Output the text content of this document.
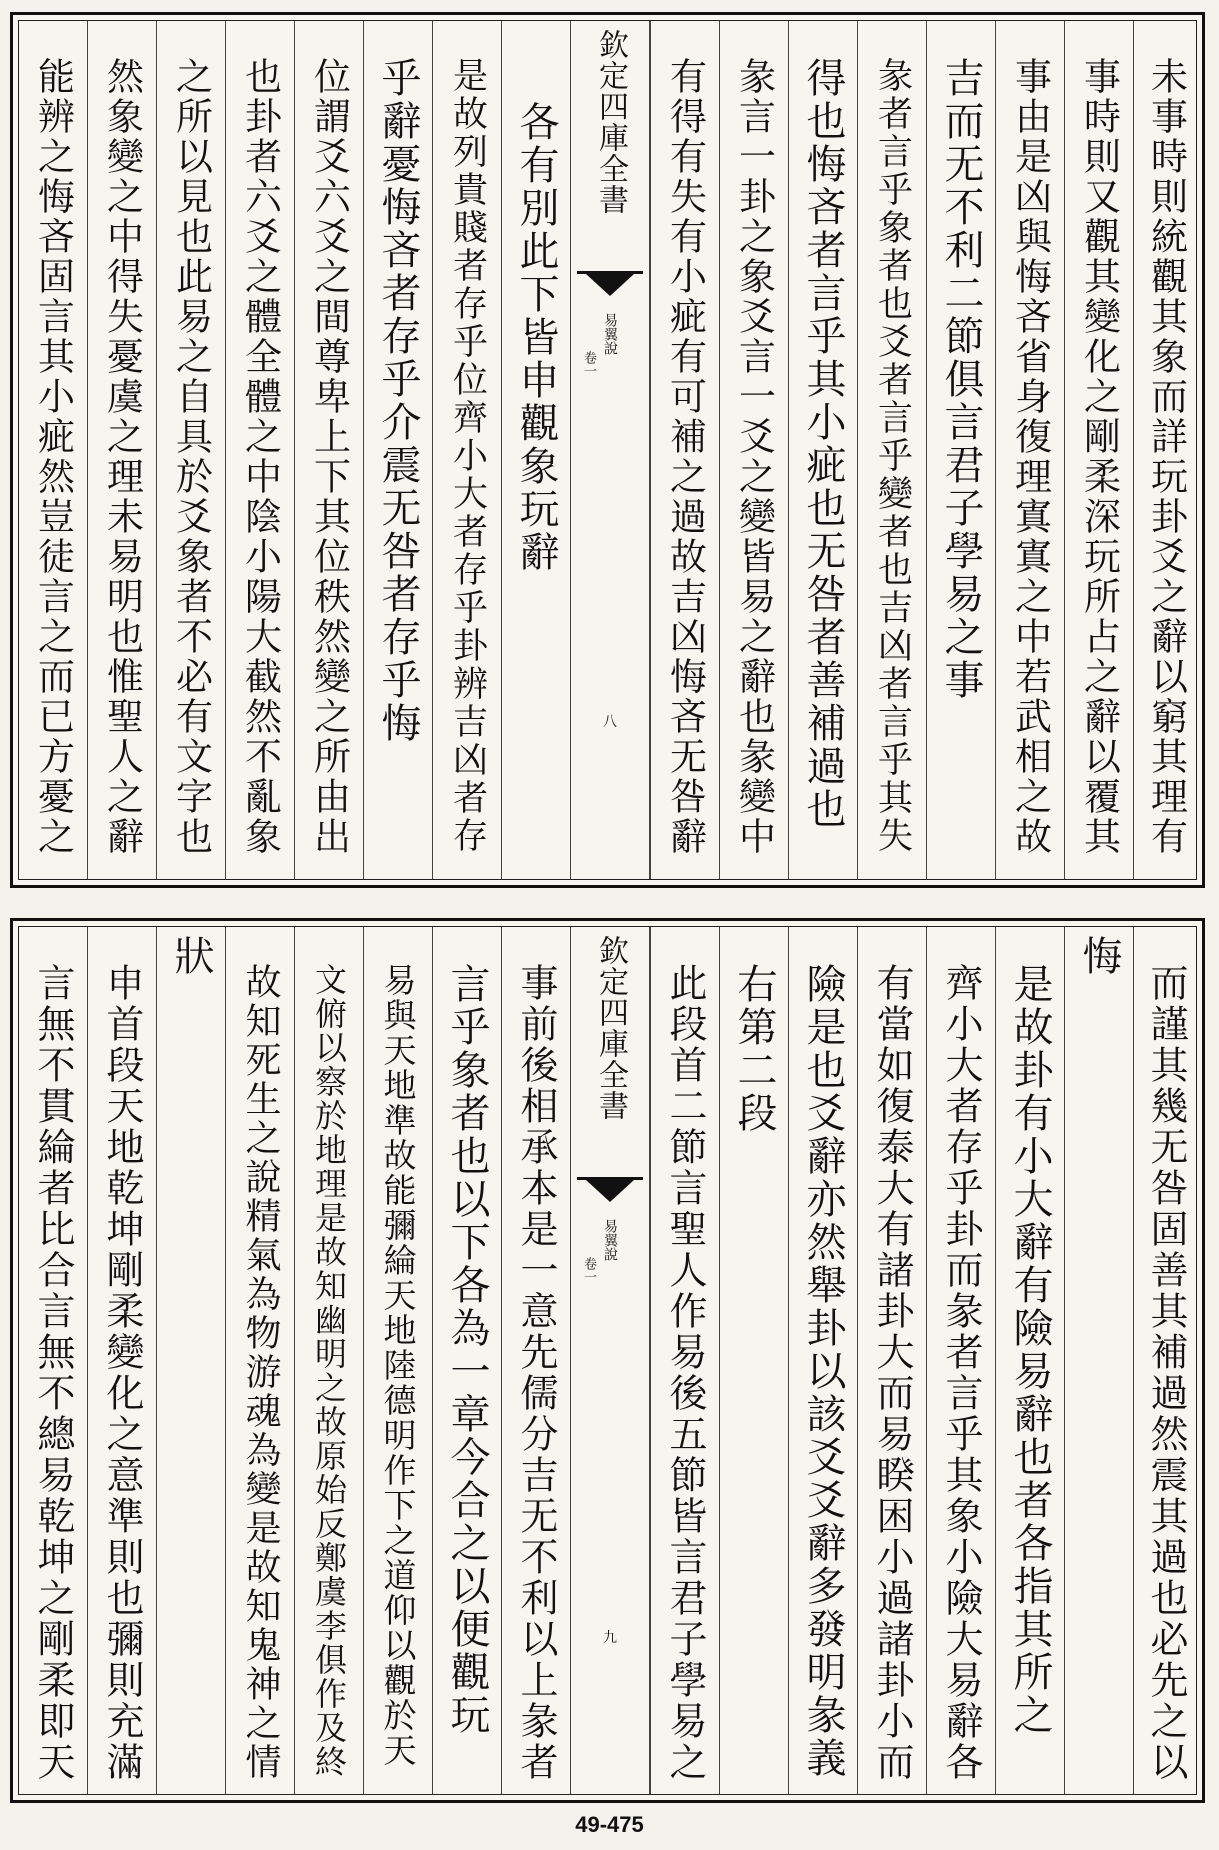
能辨之悔吝固言其小疵然豈徒言之而已方憂之 然象變之中得失憂虞之理未易明也惟聖人之辭 之所以見也此易之自具於爻象者不必有文字也 也卦者六爻之體全體之中陰小陽大截然不亂象 位謂爻六爻之間尊卑上下其位秩然變之所由出 乎辭憂悔吝者存乎介震无咎者存乎悔 是故列貴賤者存乎位齊小大者存乎卦辨吉凶者存 各有別此下皆申觀象玩辭 欽定四庫全書
易翼說
卷一
八 有得有失有小疵有可補之過故吉凶悔吝无咎辭 彖言一卦之象爻言一爻之變皆易之辭也彖變中 得也悔吝者言乎其小疵也无咎者善補過也 彖者言乎象者也爻者言乎變者也吉凶者言乎其失 吉而无不利二節俱言君子學易之事 事由是凶與悔吝省身復理寘寘之中若武相之故 事時則又觀其變化之剛柔深玩所占之辭以覆其 未事時則統觀其象而詳玩卦爻之辭以窮其理有
言無不貫綸者比合言無不總易乾坤之剛柔即天 申首段天地乾坤剛柔變化之意準則也彌則充滿
狀
故知死生之說精氣為物游魂為變是故知鬼神之情 文俯以察於地理是故知幽明之故原始反鄭虞李俱作及終 易與天地準故能彌綸天地陸德明作下之道仰以觀於天 言乎象者也以下各為一章今合之以便觀玩 事前後相承本是一意先儒分吉无不利以上彖者 欽定四庫全書
易翼說
卷一
九 此段首二節言聖人作易後五節皆言君子學易之 右第二段 險是也爻辭亦然舉卦以該爻爻辭多發明彖義 有當如復泰大有諸卦大而易睽困小過諸卦小而 齊小大者存乎卦而彖者言乎其象小險大易辭各 是故卦有小大辭有險易辭也者各指其所之
悔
而謹其幾无咎固善其補過然震其過也必先之以
49-475
